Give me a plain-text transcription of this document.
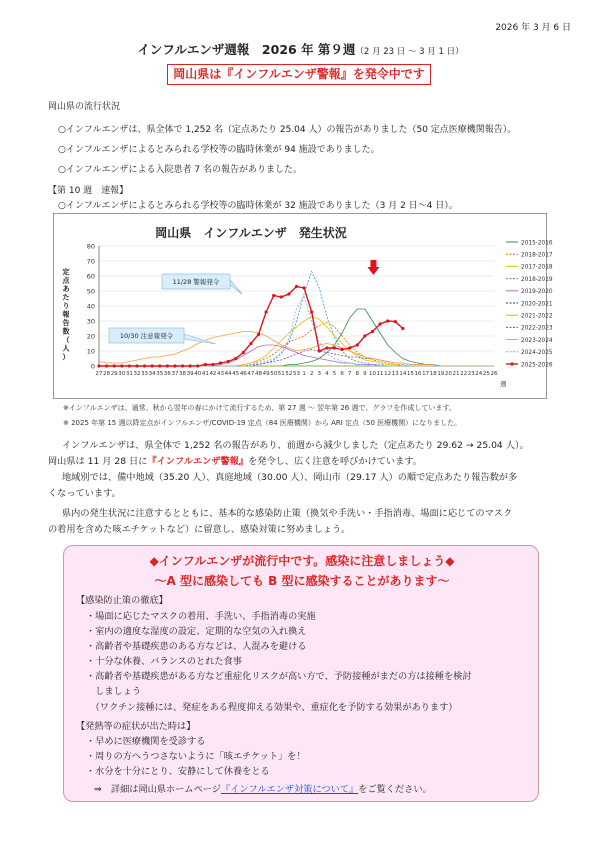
2026 年 3 月 6 日
インフルエンザ週報　2026 年 第９週（2 月 23 日 ～ 3 月 1 日）
岡山県は『インフルエンザ警報』を発令中です
岡山県の流行状況
○インフルエンザは、県全体で 1,252 名（定点あたり 25.04 人）の報告がありました（50 定点医療機関報告）。
○インフルエンザによるとみられる学校等の臨時休業が 94 施設でありました。
○インフルエンザによる入院患者 7 名の報告がありました。
【第 10 週　速報】
○インフルエンザによるとみられる学校等の臨時休業が 32 施設でありました（3 月 2 日～4 日）。
岡山県　インフルエンザ　発生状況
0
10
20
30
40
50
60
70
80
27 28 29 30 31 32 33 34 35 36 37 38 39 40 41 42 43 44 45 46 47 48 49 50 51 52 53 1 2 3 4 5 6 7 8 9 10 11 12 13 14 15 16 17 18 19 20 21 22 23 24 25 26
週
定
点
あ
た
り
報
告
数
（
人
）
2015-2016
2018-2017
2017-2018
2018-2019
2019-2020
2020-2021
2021-2022
2022-2023
2023-2024
2024-2025
2025-2026
11/28 警報発令
10/30 注意報発令
※インフルエンザは、通常、秋から翌年の春にかけて流行するため、第 27 週 ～ 翌年第 26 週で、グラフを作成しています。
※ 2025 年第 15 週以降定点がインフルエンザ/COVID-19 定点（84 医療機関）から ARI 定点（50 医療機関）になりました。
インフルエンザは、県全体で 1,252 名の報告があり、前週から減少しました（定点あたり 29.62 → 25.04 人）。
岡山県は 11 月 28 日に『インフルエンザ警報』を発令し、広く注意を呼びかけています。
地域別では、備中地域（35.20 人）、真庭地域（30.00 人）、岡山市（29.17 人）の順で定点あたり報告数が多
くなっています。
県内の発生状況に注意するとともに、基本的な感染防止策（換気や手洗い・手指消毒、場面に応じてのマスク
の着用を含めた咳エチケットなど）に留意し、感染対策に努めましょう。
◆インフルエンザが流行中です。感染に注意しましょう◆
～A 型に感染しても B 型に感染することがあります～
【感染防止策の徹底】
【発熱等の症状が出た時は】
⇒　詳細は岡山県ホームページ『インフルエンザ対策について』をご覧ください。
・場面に応じたマスクの着用、手洗い、手指消毒の実施
・室内の適度な湿度の設定、定期的な空気の入れ換え
・高齢者や基礎疾患のある方などは、人混みを避ける
・十分な休養、バランスのとれた食事
・高齢者や基礎疾患がある方など重症化リスクが高い方で、予防接種がまだの方は接種を検討
　しましょう
　（ワクチン接種には、発症をある程度抑える効果や、重症化を予防する効果があります）
・早めに医療機関を受診する
・周りの方へうつさないように「咳エチケット」を！
・水分を十分にとり、安静にして休養をとる
